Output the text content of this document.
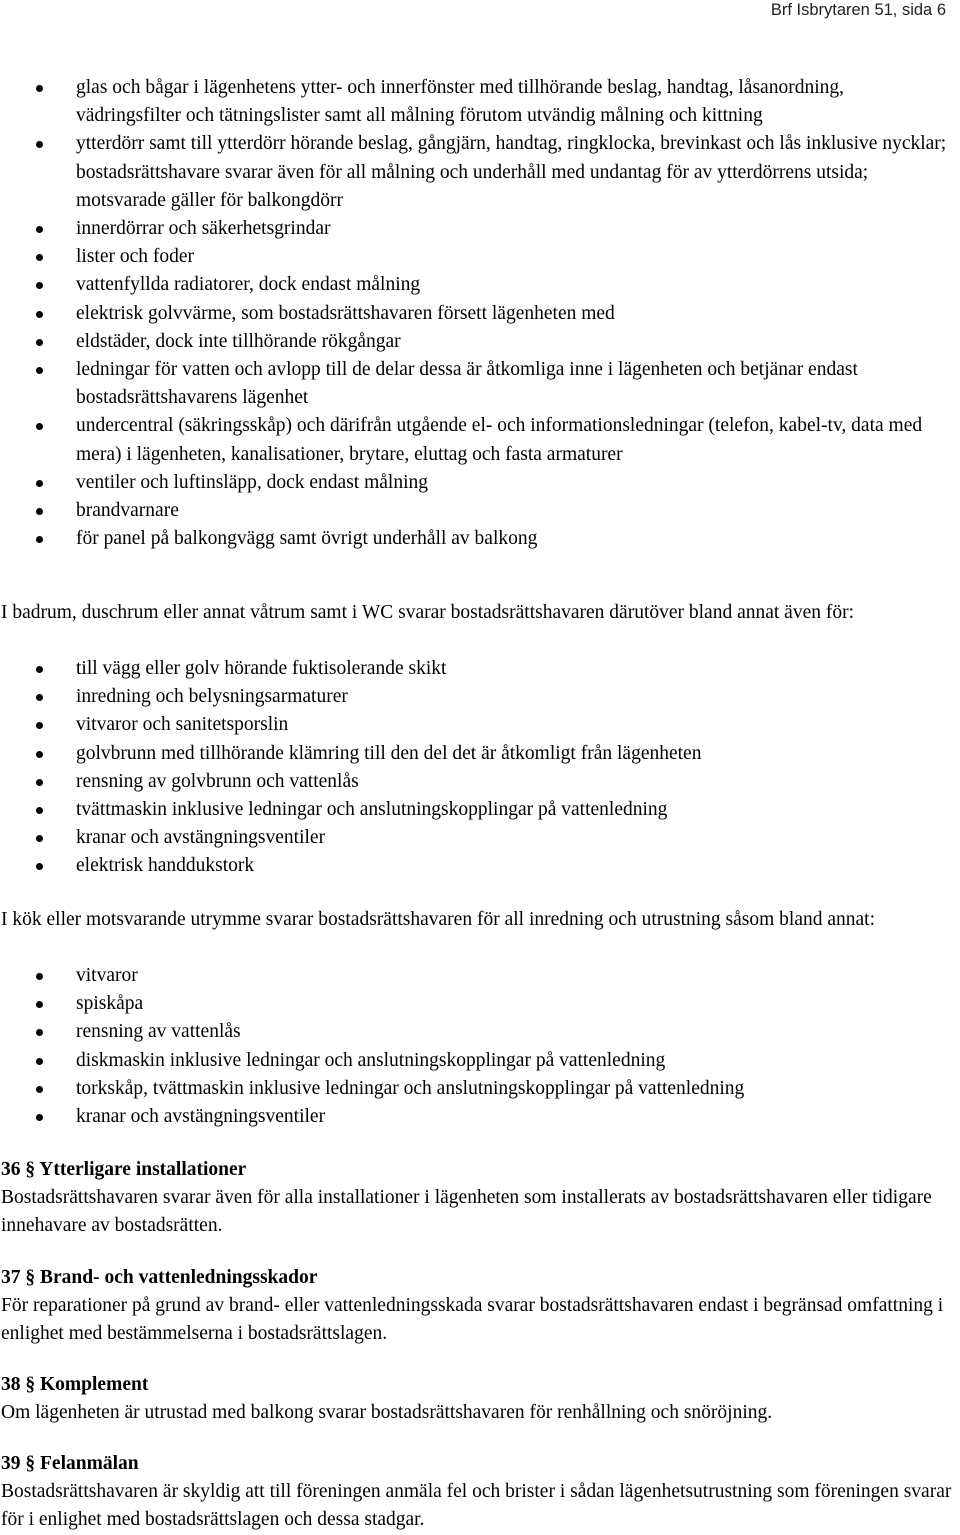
Brf Isbrytaren 51, sida 6
glas och bågar i lägenhetens ytter- och innerfönster med tillhörande beslag, handtag, låsanordning, vädringsfilter och tätningslister samt all målning förutom utvändig målning och kittning
ytterdörr samt till ytterdörr hörande beslag, gångjärn, handtag, ringklocka, brevinkast och lås inklusive nycklar; bostadsrättshavare svarar även för all målning och underhåll med undantag för av ytterdörrens utsida; motsvarade gäller för balkongdörr
innerdörrar och säkerhetsgrindar
lister och foder
vattenfyllda radiatorer, dock endast målning
elektrisk golvvärme, som bostadsrättshavaren försett lägenheten med
eldstäder, dock inte tillhörande rökgångar
ledningar för vatten och avlopp till de delar dessa är åtkomliga inne i lägenheten och betjänar endast bostadsrättshavarens lägenhet
undercentral (säkringsskåp) och därifrån utgående el- och informationsledningar (telefon, kabel-tv, data med mera) i lägenheten, kanalisationer, brytare, eluttag och fasta armaturer
ventiler och luftinsläpp, dock endast målning
brandvarnare
för panel på balkongvägg samt övrigt underhåll av balkong

I badrum, duschrum eller annat våtrum samt i WC svarar bostadsrättshavaren därutöver bland annat även för:

till vägg eller golv hörande fuktisolerande skikt
inredning och belysningsarmaturer
vitvaror och sanitetsporslin
golvbrunn med tillhörande klämring till den del det är åtkomligt från lägenheten
rensning av golvbrunn och vattenlås
tvättmaskin inklusive ledningar och anslutningskopplingar på vattenledning
kranar och avstängningsventiler
elektrisk handdukstork

I kök eller motsvarande utrymme svarar bostadsrättshavaren för all inredning och utrustning såsom bland annat:

vitvaror
spiskåpa
rensning av vattenlås
diskmaskin inklusive ledningar och anslutningskopplingar på vattenledning
torkskåp, tvättmaskin inklusive ledningar och anslutningskopplingar på vattenledning
kranar och avstängningsventiler

36 § Ytterligare installationer

Bostadsrättshavaren svarar även för alla installationer i lägenheten som installerats av bostadsrättshavaren eller tidigare innehavare av bostadsrätten.

37 § Brand- och vattenledningsskador

För reparationer på grund av brand- eller vattenledningsskada svarar bostadsrättshavaren endast i begränsad omfattning i enlighet med bestämmelserna i bostadsrättslagen.

38 § Komplement

Om lägenheten är utrustad med balkong svarar bostadsrättshavaren för renhållning och snöröjning.

39 § Felanmälan

Bostadsrättshavaren är skyldig att till föreningen anmäla fel och brister i sådan lägenhetsutrustning som föreningen svarar för i enlighet med bostadsrättslagen och dessa stadgar.
